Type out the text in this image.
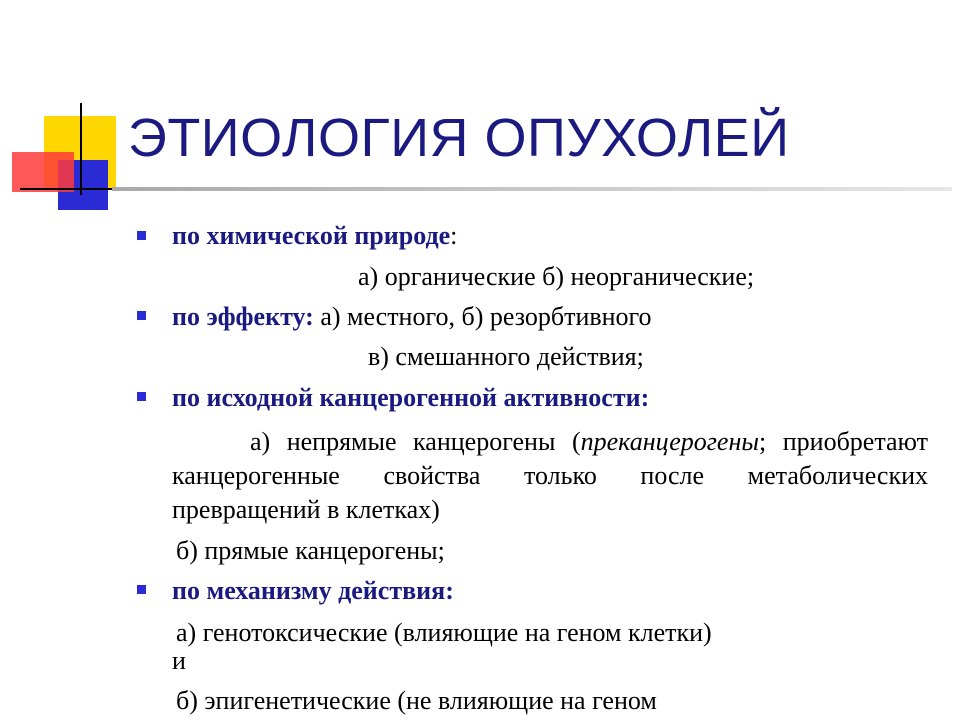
ЭТИОЛОГИЯ ОПУХОЛЕЙ
по химической природе:
а) органические б) неорганические;
по эффекту: а) местного, б) резорбтивного
в) смешанного действия;
по исходной канцерогенной активности:
а) непрямые канцерогены (преканцерогены; приобретают канцерогенные свойства только после метаболических превращений в клетках)
б) прямые канцерогены;
по механизму действия:
а) генотоксические (влияющие на геном клетки)
и
б) эпигенетические (не влияющие на геном
